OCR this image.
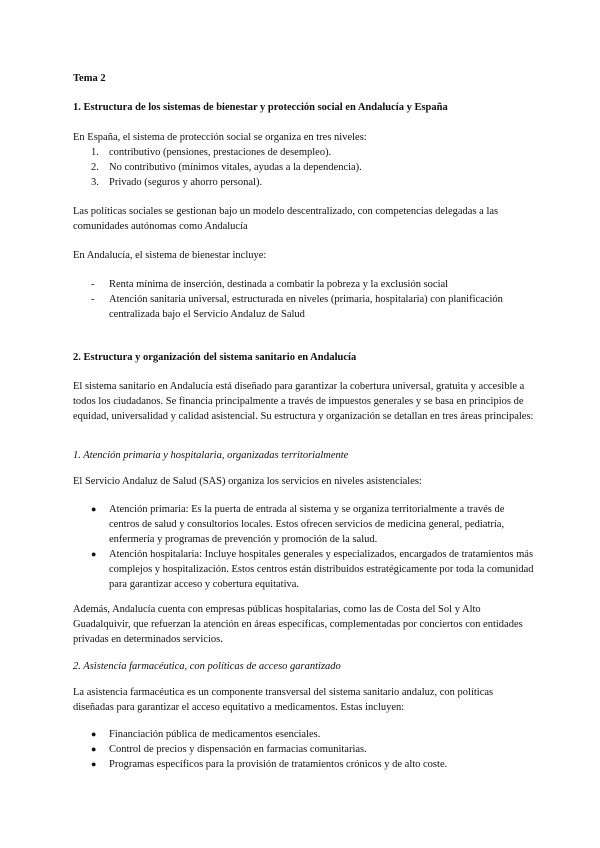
Tema 2

1. Estructura de los sistemas de bienestar y protección social en Andalucía y España

En España, el sistema de protección social se organiza en tres niveles:

1. contributivo (pensiones, prestaciones de desempleo).
2. No contributivo (mínimos vitales, ayudas a la dependencia).
3. Privado (seguros y ahorro personal).

Las políticas sociales se gestionan bajo un modelo descentralizado, con competencias delegadas a las comunidades autónomas como Andalucía

En Andalucía, el sistema de bienestar incluye:

- Renta mínima de inserción, destinada a combatir la pobreza y la exclusión social
- Atención sanitaria universal, estructurada en niveles (primaria, hospitalaria) con planificación centralizada bajo el Servicio Andaluz de Salud

2. Estructura y organización del sistema sanitario en Andalucía

El sistema sanitario en Andalucía está diseñado para garantizar la cobertura universal, gratuita y accesible a todos los ciudadanos. Se financia principalmente a través de impuestos generales y se basa en principios de equidad, universalidad y calidad asistencial. Su estructura y organización se detallan en tres áreas principales:

1. Atención primaria y hospitalaria, organizadas territorialmente

El Servicio Andaluz de Salud (SAS) organiza los servicios en niveles asistenciales:

● Atención primaria: Es la puerta de entrada al sistema y se organiza territorialmente a través de centros de salud y consultorios locales. Estos ofrecen servicios de medicina general, pediatría, enfermería y programas de prevención y promoción de la salud.
● Atención hospitalaria: Incluye hospitales generales y especializados, encargados de tratamientos más complejos y hospitalización. Estos centros están distribuidos estratégicamente por toda la comunidad para garantizar acceso y cobertura equitativa.

Además, Andalucía cuenta con empresas públicas hospitalarias, como las de Costa del Sol y Alto Guadalquivir, que refuerzan la atención en áreas específicas, complementadas por conciertos con entidades privadas en determinados servicios.

2. Asistencia farmacéutica, con políticas de acceso garantizado

La asistencia farmacéutica es un componente transversal del sistema sanitario andaluz, con políticas diseñadas para garantizar el acceso equitativo a medicamentos. Estas incluyen:

● Financiación pública de medicamentos esenciales.
● Control de precios y dispensación en farmacias comunitarias.
● Programas específicos para la provisión de tratamientos crónicos y de alto coste.
